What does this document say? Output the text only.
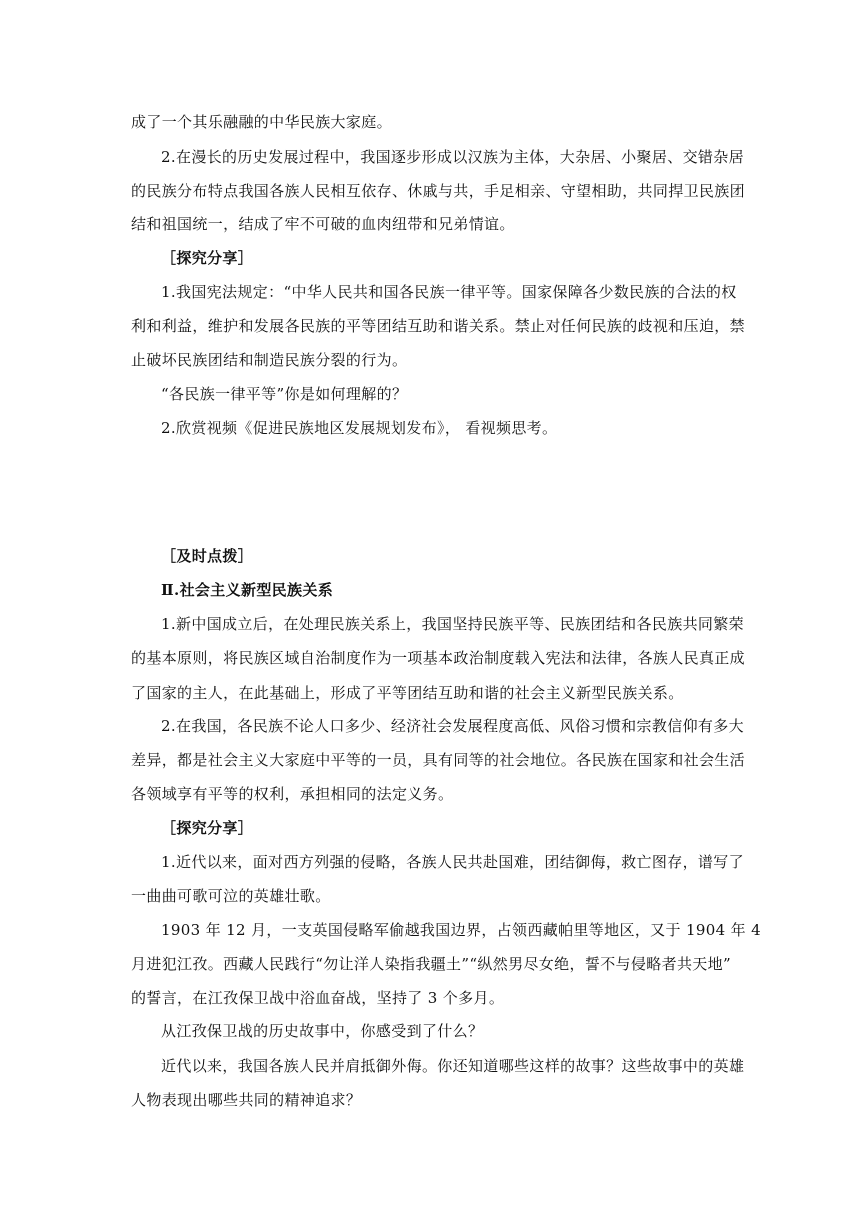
成了一个其乐融融的中华民族大家庭。
2.在漫长的历史发展过程中，我国逐步形成以汉族为主体，大杂居、小聚居、交错杂居
的民族分布特点我国各族人民相互依存、休戚与共，手足相亲、守望相助，共同捍卫民族团
结和祖国统一，结成了牢不可破的血肉纽带和兄弟情谊。
［探究分享］
1.我国宪法规定：“中华人民共和国各民族一律平等。国家保障各少数民族的合法的权
利和利益，维护和发展各民族的平等团结互助和谐关系。禁止对任何民族的歧视和压迫，禁
止破坏民族团结和制造民族分裂的行为。
“各民族一律平等”你是如何理解的？
2.欣赏视频《促进民族地区发展规划发布》， 看视频思考。
［及时点拨］
Ⅱ.社会主义新型民族关系
1.新中国成立后，在处理民族关系上，我国坚持民族平等、民族团结和各民族共同繁荣
的基本原则，将民族区域自治制度作为一项基本政治制度载入宪法和法律，各族人民真正成
了国家的主人，在此基础上，形成了平等团结互助和谐的社会主义新型民族关系。
2.在我国，各民族不论人口多少、经济社会发展程度高低、风俗习惯和宗教信仰有多大
差异，都是社会主义大家庭中平等的一员，具有同等的社会地位。各民族在国家和社会生活
各领域享有平等的权利，承担相同的法定义务。
［探究分享］
1.近代以来，面对西方列强的侵略，各族人民共赴国难，团结御侮，救亡图存，谱写了
一曲曲可歌可泣的英雄壮歌。
1903 年 12 月，一支英国侵略军偷越我国边界，占领西藏帕里等地区，又于 1904 年 4
月进犯江孜。西藏人民践行“勿让洋人染指我疆土”“纵然男尽女绝，誓不与侵略者共天地”
的誓言，在江孜保卫战中浴血奋战，坚持了 3 个多月。
从江孜保卫战的历史故事中，你感受到了什么？
近代以来，我国各族人民并肩抵御外侮。你还知道哪些这样的故事？这些故事中的英雄
人物表现出哪些共同的精神追求？
